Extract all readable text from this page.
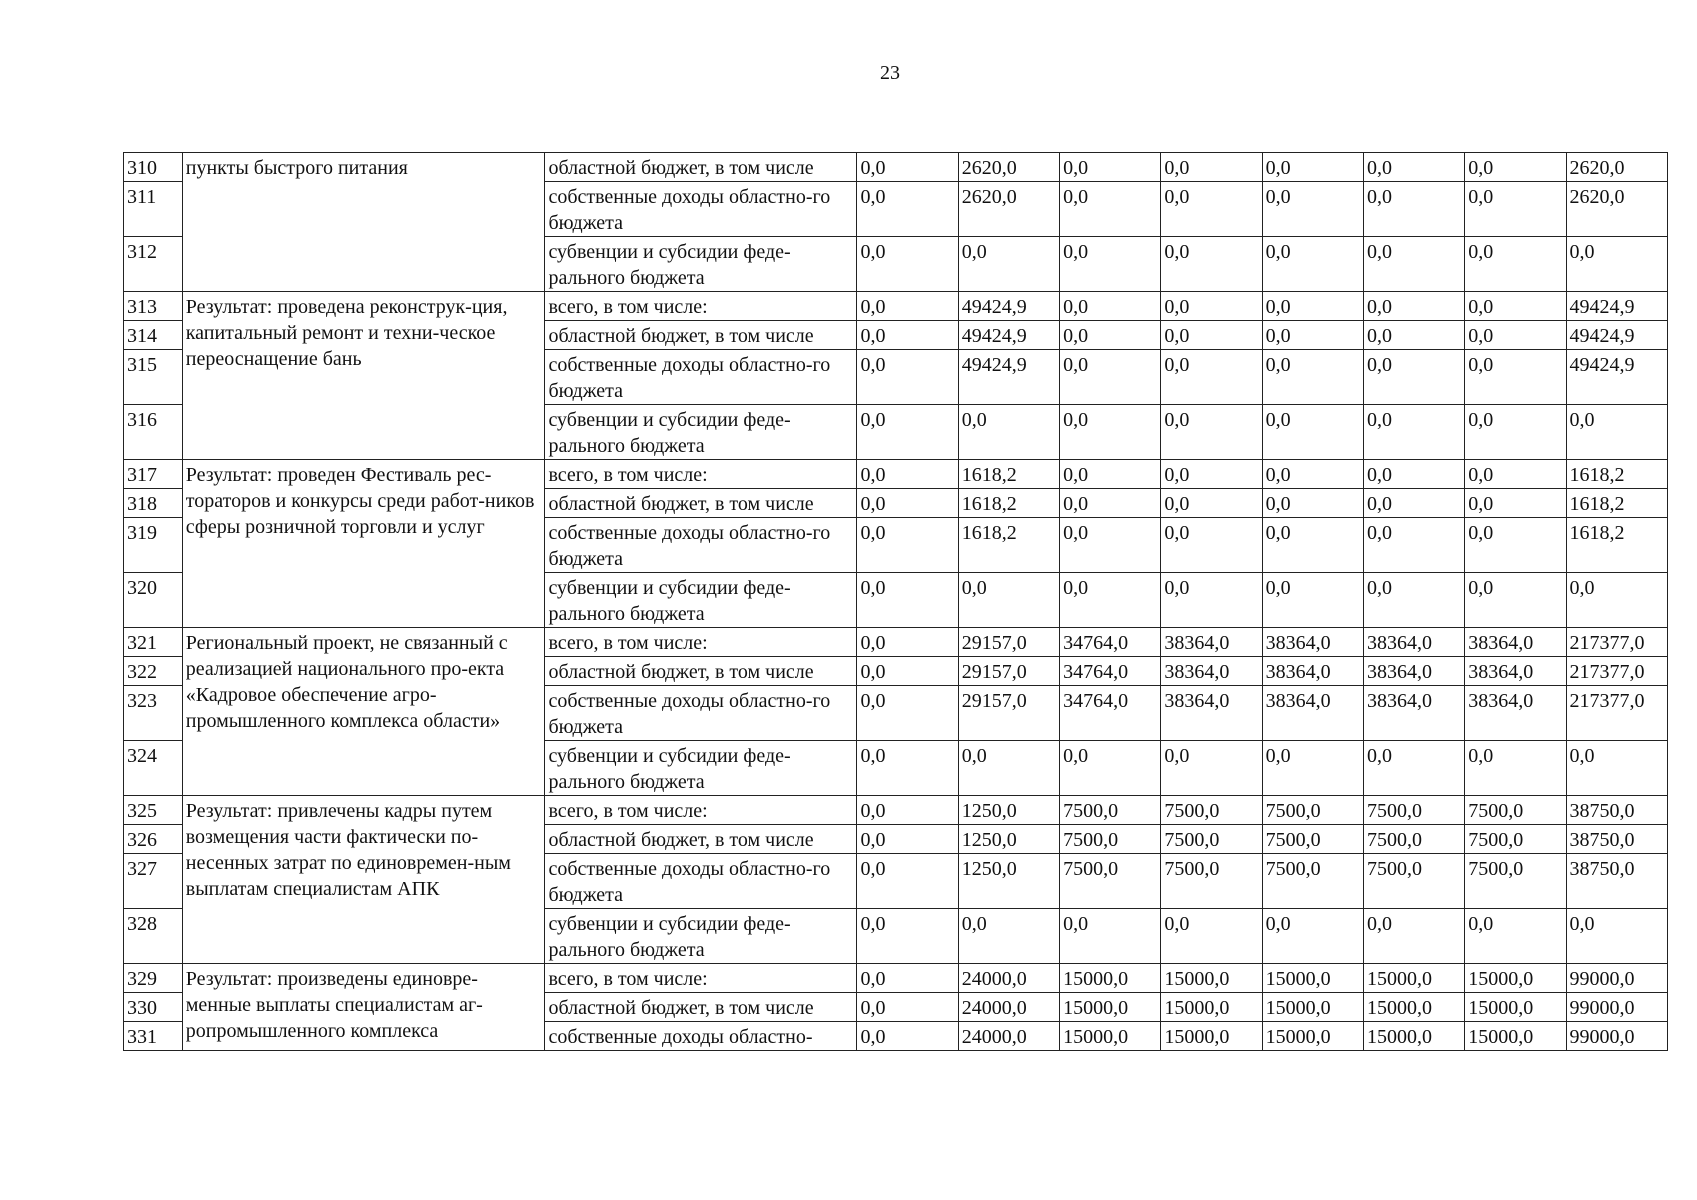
23
310	пункты быстрого питания	областной бюджет, в том числе	0,0	2620,0	0,0	0,0	0,0	0,0	0,0	2620,0
311		собственные доходы областно-го бюджета	0,0	2620,0	0,0	0,0	0,0	0,0	0,0	2620,0
312		субвенции и субсидии феде-рального бюджета	0,0	0,0	0,0	0,0	0,0	0,0	0,0	0,0
313	Результат: проведена реконструк-ция, капитальный ремонт и техни-ческое переоснащение бань	всего, в том числе:	0,0	49424,9	0,0	0,0	0,0	0,0	0,0	49424,9
314		областной бюджет, в том числе	0,0	49424,9	0,0	0,0	0,0	0,0	0,0	49424,9
315		собственные доходы областно-го бюджета	0,0	49424,9	0,0	0,0	0,0	0,0	0,0	49424,9
316		субвенции и субсидии феде-рального бюджета	0,0	0,0	0,0	0,0	0,0	0,0	0,0	0,0
317	Результат: проведен Фестиваль рес-тораторов и конкурсы среди работ-ников сферы розничной торговли и услуг	всего, в том числе:	0,0	1618,2	0,0	0,0	0,0	0,0	0,0	1618,2
318		областной бюджет, в том числе	0,0	1618,2	0,0	0,0	0,0	0,0	0,0	1618,2
319		собственные доходы областно-го бюджета	0,0	1618,2	0,0	0,0	0,0	0,0	0,0	1618,2
320		субвенции и субсидии феде-рального бюджета	0,0	0,0	0,0	0,0	0,0	0,0	0,0	0,0
321	Региональный проект, не связанный с реализацией национального про-екта «Кадровое обеспечение агро-промышленного комплекса области»	всего, в том числе:	0,0	29157,0	34764,0	38364,0	38364,0	38364,0	38364,0	217377,0
322		областной бюджет, в том числе	0,0	29157,0	34764,0	38364,0	38364,0	38364,0	38364,0	217377,0
323		собственные доходы областно-го бюджета	0,0	29157,0	34764,0	38364,0	38364,0	38364,0	38364,0	217377,0
324		субвенции и субсидии феде-рального бюджета	0,0	0,0	0,0	0,0	0,0	0,0	0,0	0,0
325	Результат: привлечены кадры путем возмещения части фактически по-несенных затрат по единовремен-ным выплатам специалистам АПК	всего, в том числе:	0,0	1250,0	7500,0	7500,0	7500,0	7500,0	7500,0	38750,0
326		областной бюджет, в том числе	0,0	1250,0	7500,0	7500,0	7500,0	7500,0	7500,0	38750,0
327		собственные доходы областно-го бюджета	0,0	1250,0	7500,0	7500,0	7500,0	7500,0	7500,0	38750,0
328		субвенции и субсидии феде-рального бюджета	0,0	0,0	0,0	0,0	0,0	0,0	0,0	0,0
329	Результат: произведены единовре-менные выплаты специалистам аг-ропромышленного комплекса	всего, в том числе:	0,0	24000,0	15000,0	15000,0	15000,0	15000,0	15000,0	99000,0
330		областной бюджет, в том числе	0,0	24000,0	15000,0	15000,0	15000,0	15000,0	15000,0	99000,0
331		собственные доходы областно-	0,0	24000,0	15000,0	15000,0	15000,0	15000,0	15000,0	99000,0
